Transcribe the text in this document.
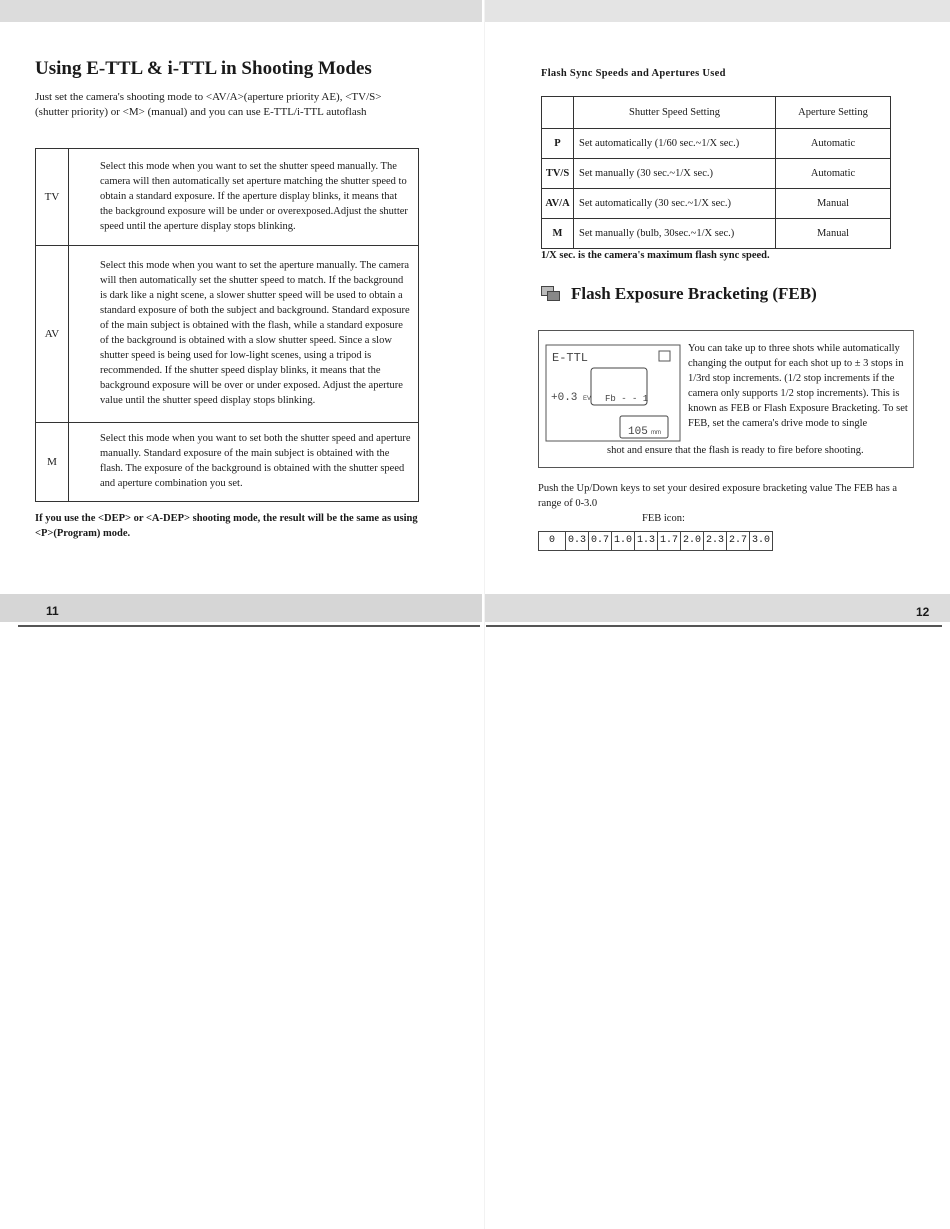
Using E-TTL & i-TTL in Shooting Modes

Just set the camera's shooting mode to <AV/A>(aperture priority AE), <TV/S>(shutter priority) or <M> (manual) and you can use E-TTL/i-TTL autoflash

TV	Select this mode when you want to set the shutter speed manually. The camera will then automatically set aperture matching the shutter speed to obtain a standard exposure. If the aperture display blinks, it means that the background exposure will be under or overexposed.Adjust the shutter speed until the aperture display stops blinking.
AV	Select this mode when you want to set the aperture manually. The camera will then automatically set the shutter speed to match. If the background is dark like a night scene, a slower shutter speed will be used to obtain a standard exposure of both the subject and background. Standard exposure of the main subject is obtained with the flash, while a standard exposure of the background is obtained with a slow shutter speed. Since a slow shutter speed is being used for low-light scenes, using a tripod is recommended. If the shutter speed display blinks, it means that the background exposure will be over or under exposed. Adjust the aperture value until the shutter speed display stops blinking.
M	Select this mode when you want to set both the shutter speed and aperture manually. Standard exposure of the main subject is obtained with the flash. The exposure of the background is obtained with the shutter speed and aperture combination you set.

If you use the <DEP> or <A-DEP> shooting mode, the result will be the same as using <P>(Program) mode.

Flash Sync Speeds and Apertures Used

	Shutter Speed Setting	Aperture Setting
P	Set automatically (1/60 sec.~1/X sec.)	Automatic
TV/S	Set manually (30 sec.~1/X sec.)	Automatic
AV/A	Set automatically (30 sec.~1/X sec.)	Manual
M	Set manually (bulb, 30sec.~1/X sec.)	Manual

1/X sec. is the camera's maximum flash sync speed.

Flash Exposure Bracketing (FEB)
E-TTL
+0.3 EV Fb - - 1
105 mm

You can take up to three shots while automatically changing the output for each shot up to ± 3 stops in 1/3rd stop increments. (1/2 stop increments if the camera only supports 1/2 stop increments). This is known as FEB or Flash Exposure Bracketing. To set FEB, set the camera's drive mode to single

shot and ensure that the flash is ready to fire before shooting.

Push the Up/Down keys to set your desired exposure bracketing value The FEB has a range of 0-3.0

FEB icon:

0	0.3 0.7 1.0 1.3 1.7 2.0 2.3 2.7 3.0
11	12
